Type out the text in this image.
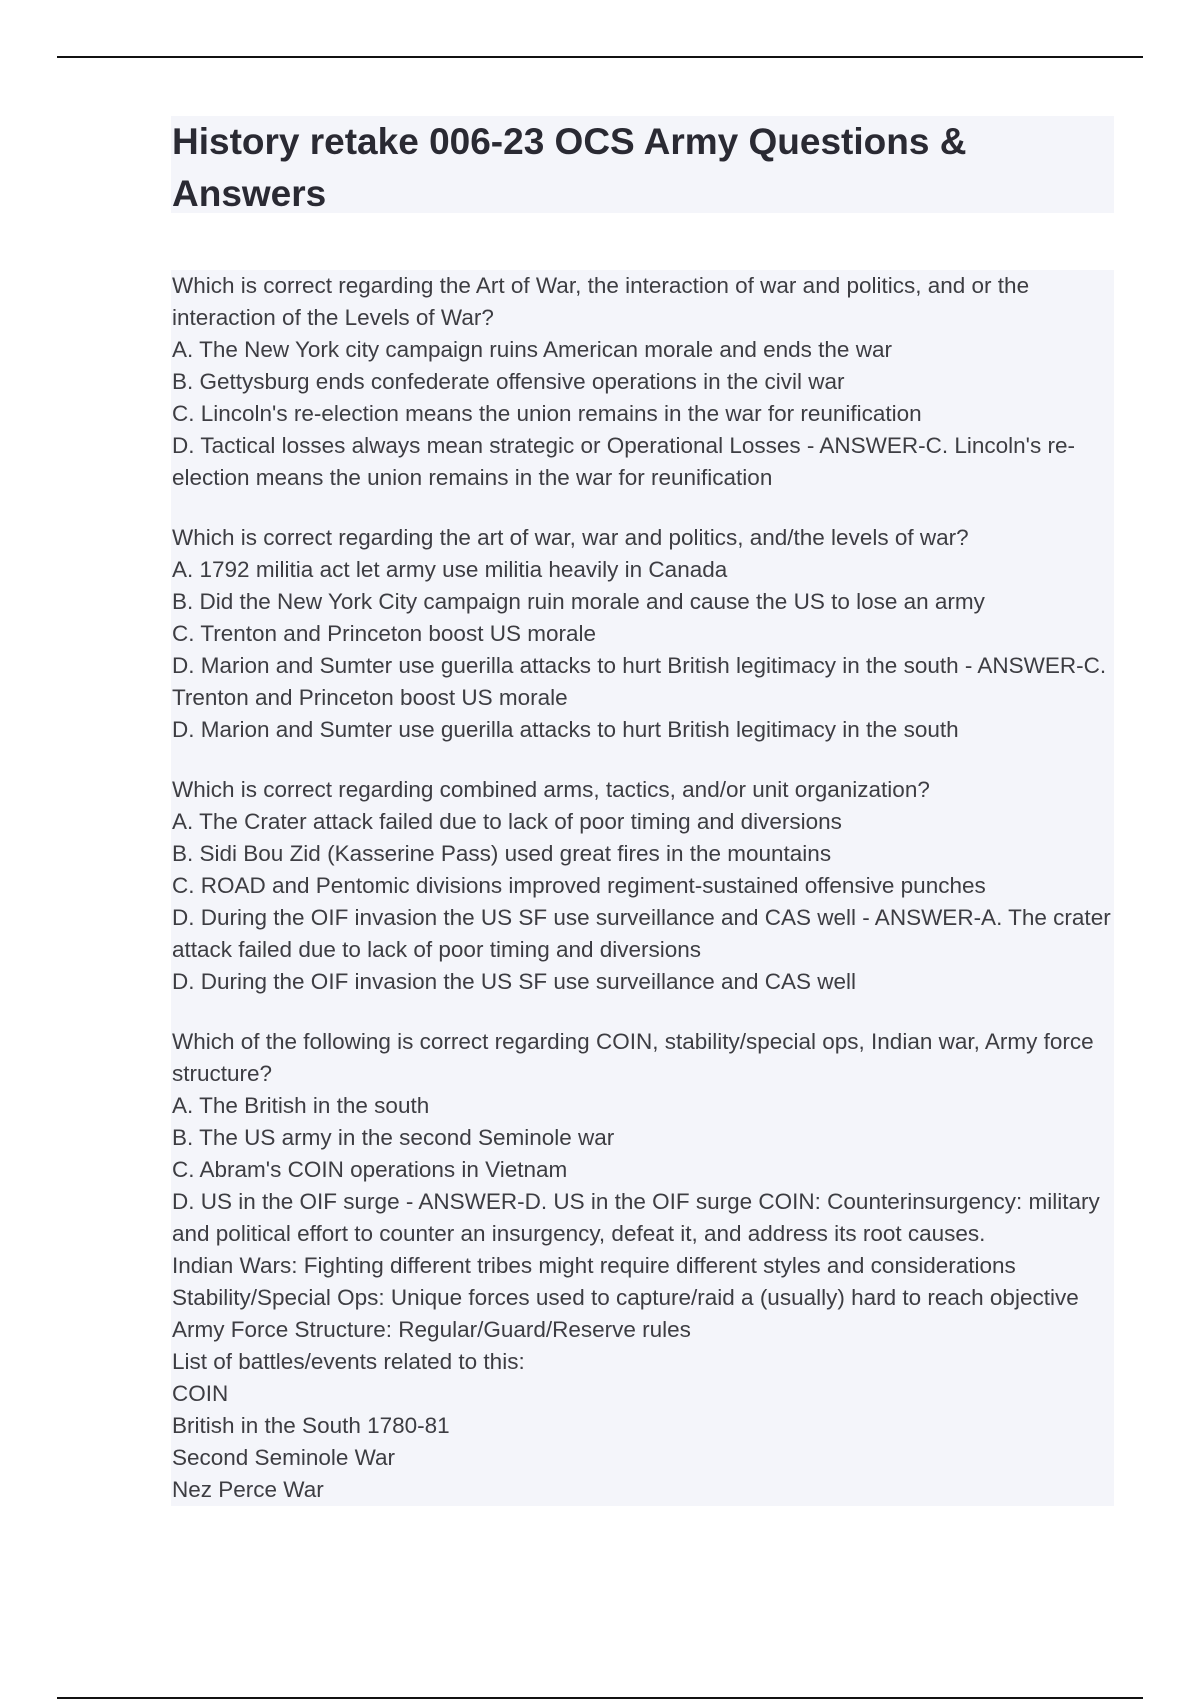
History retake 006-23 OCS Army Questions & Answers
Which is correct regarding the Art of War, the interaction of war and politics, and or the interaction of the Levels of War?
A. The New York city campaign ruins American morale and ends the war
B. Gettysburg ends confederate offensive operations in the civil war
C. Lincoln's re-election means the union remains in the war for reunification
D. Tactical losses always mean strategic or Operational Losses - ANSWER-C. Lincoln's re-election means the union remains in the war for reunification
Which is correct regarding the art of war, war and politics, and/the levels of war?
A. 1792 militia act let army use militia heavily in Canada
B. Did the New York City campaign ruin morale and cause the US to lose an army
C. Trenton and Princeton boost US morale
D. Marion and Sumter use guerilla attacks to hurt British legitimacy in the south - ANSWER-C. Trenton and Princeton boost US morale
D. Marion and Sumter use guerilla attacks to hurt British legitimacy in the south
Which is correct regarding combined arms, tactics, and/or unit organization?
A. The Crater attack failed due to lack of poor timing and diversions
B. Sidi Bou Zid (Kasserine Pass) used great fires in the mountains
C. ROAD and Pentomic divisions improved regiment-sustained offensive punches
D. During the OIF invasion the US SF use surveillance and CAS well - ANSWER-A. The crater attack failed due to lack of poor timing and diversions
D. During the OIF invasion the US SF use surveillance and CAS well
Which of the following is correct regarding COIN, stability/special ops, Indian war, Army force structure?
A. The British in the south
B. The US army in the second Seminole war
C. Abram's COIN operations in Vietnam
D. US in the OIF surge - ANSWER-D. US in the OIF surge COIN: Counterinsurgency: military and political effort to counter an insurgency, defeat it, and address its root causes.
Indian Wars: Fighting different tribes might require different styles and considerations
Stability/Special Ops: Unique forces used to capture/raid a (usually) hard to reach objective
Army Force Structure: Regular/Guard/Reserve rules
List of battles/events related to this:
COIN
British in the South 1780-81
Second Seminole War
Nez Perce War
